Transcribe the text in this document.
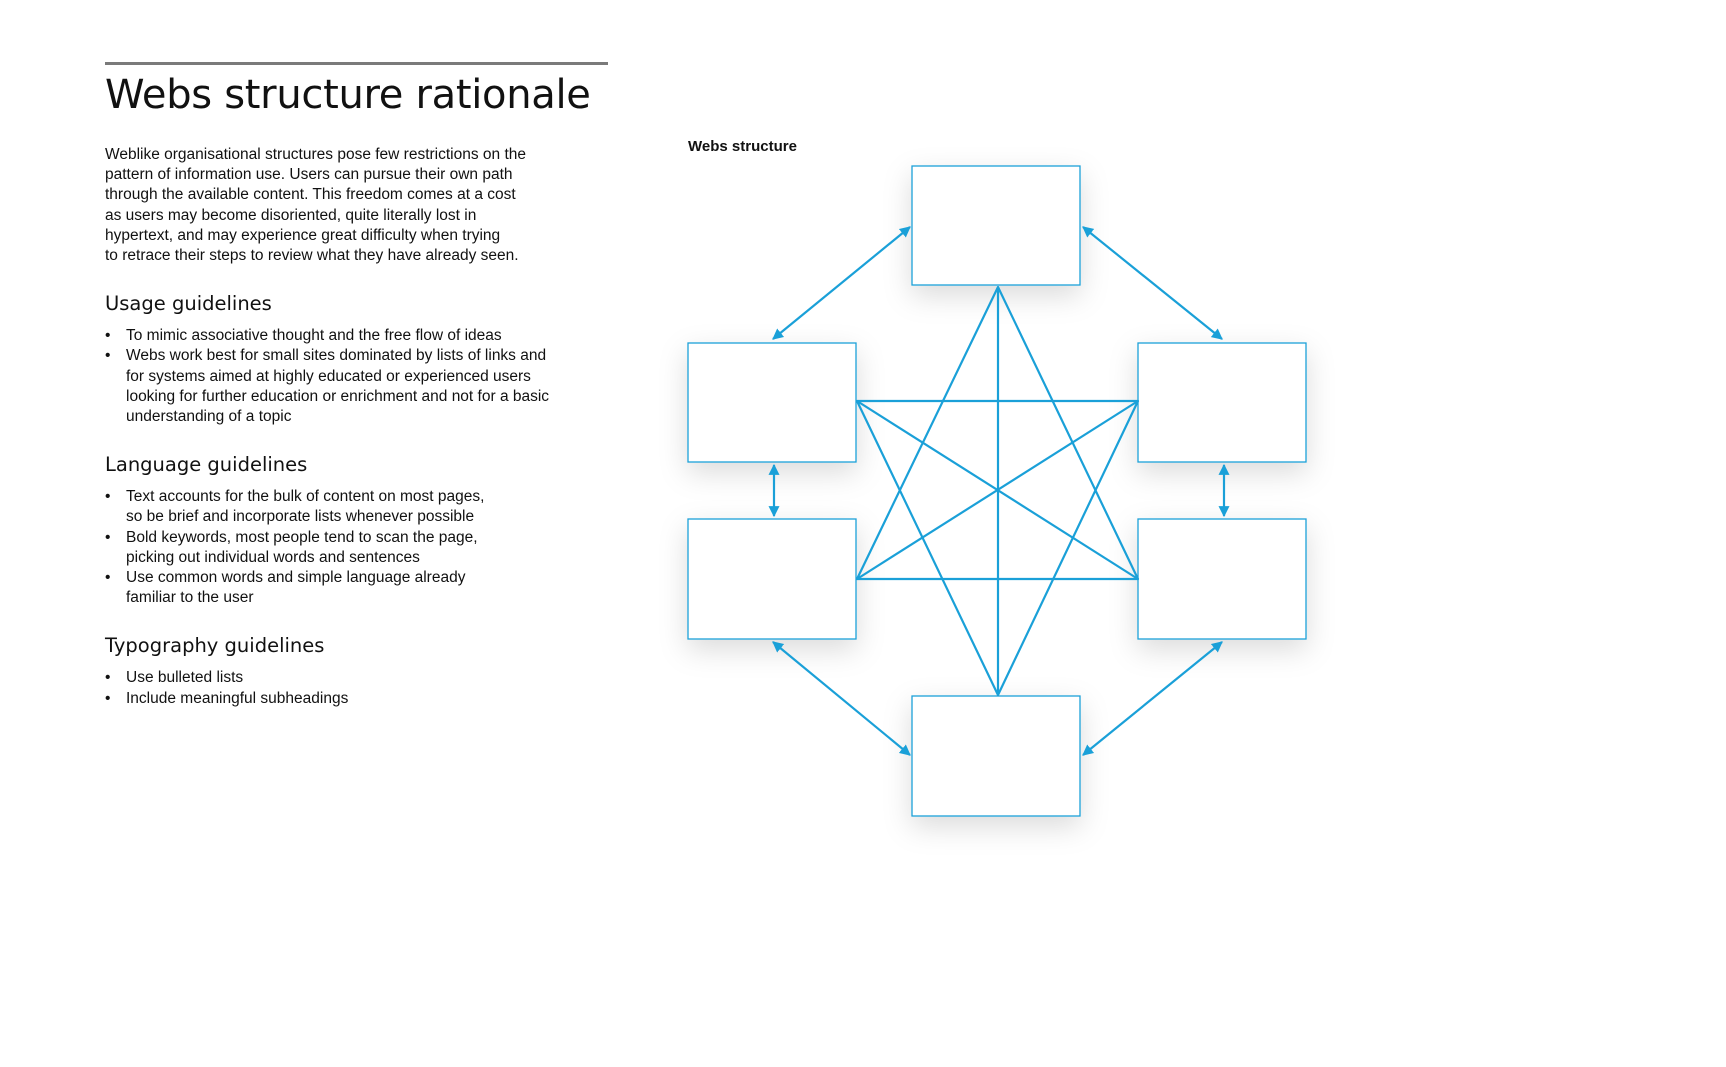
Webs structure rationale

Weblike organisational structures pose few restrictions on the
pattern of information use. Users can pursue their own path
through the available content. This freedom comes at a cost
as users may become disoriented, quite literally lost in
hypertext, and may experience great difficulty when trying
to retrace their steps to review what they have already seen.

Usage guidelines
• To mimic associative thought and the free flow of ideas
• Webs work best for small sites dominated by lists of links and
for systems aimed at highly educated or experienced users
looking for further education or enrichment and not for a basic
understanding of a topic
Language guidelines
• Text accounts for the bulk of content on most pages,
so be brief and incorporate lists whenever possible
• Bold keywords, most people tend to scan the page,
picking out individual words and sentences
• Use common words and simple language already
familiar to the user
Typography guidelines
• Use bulleted lists
• Include meaningful subheadings
Webs structure
